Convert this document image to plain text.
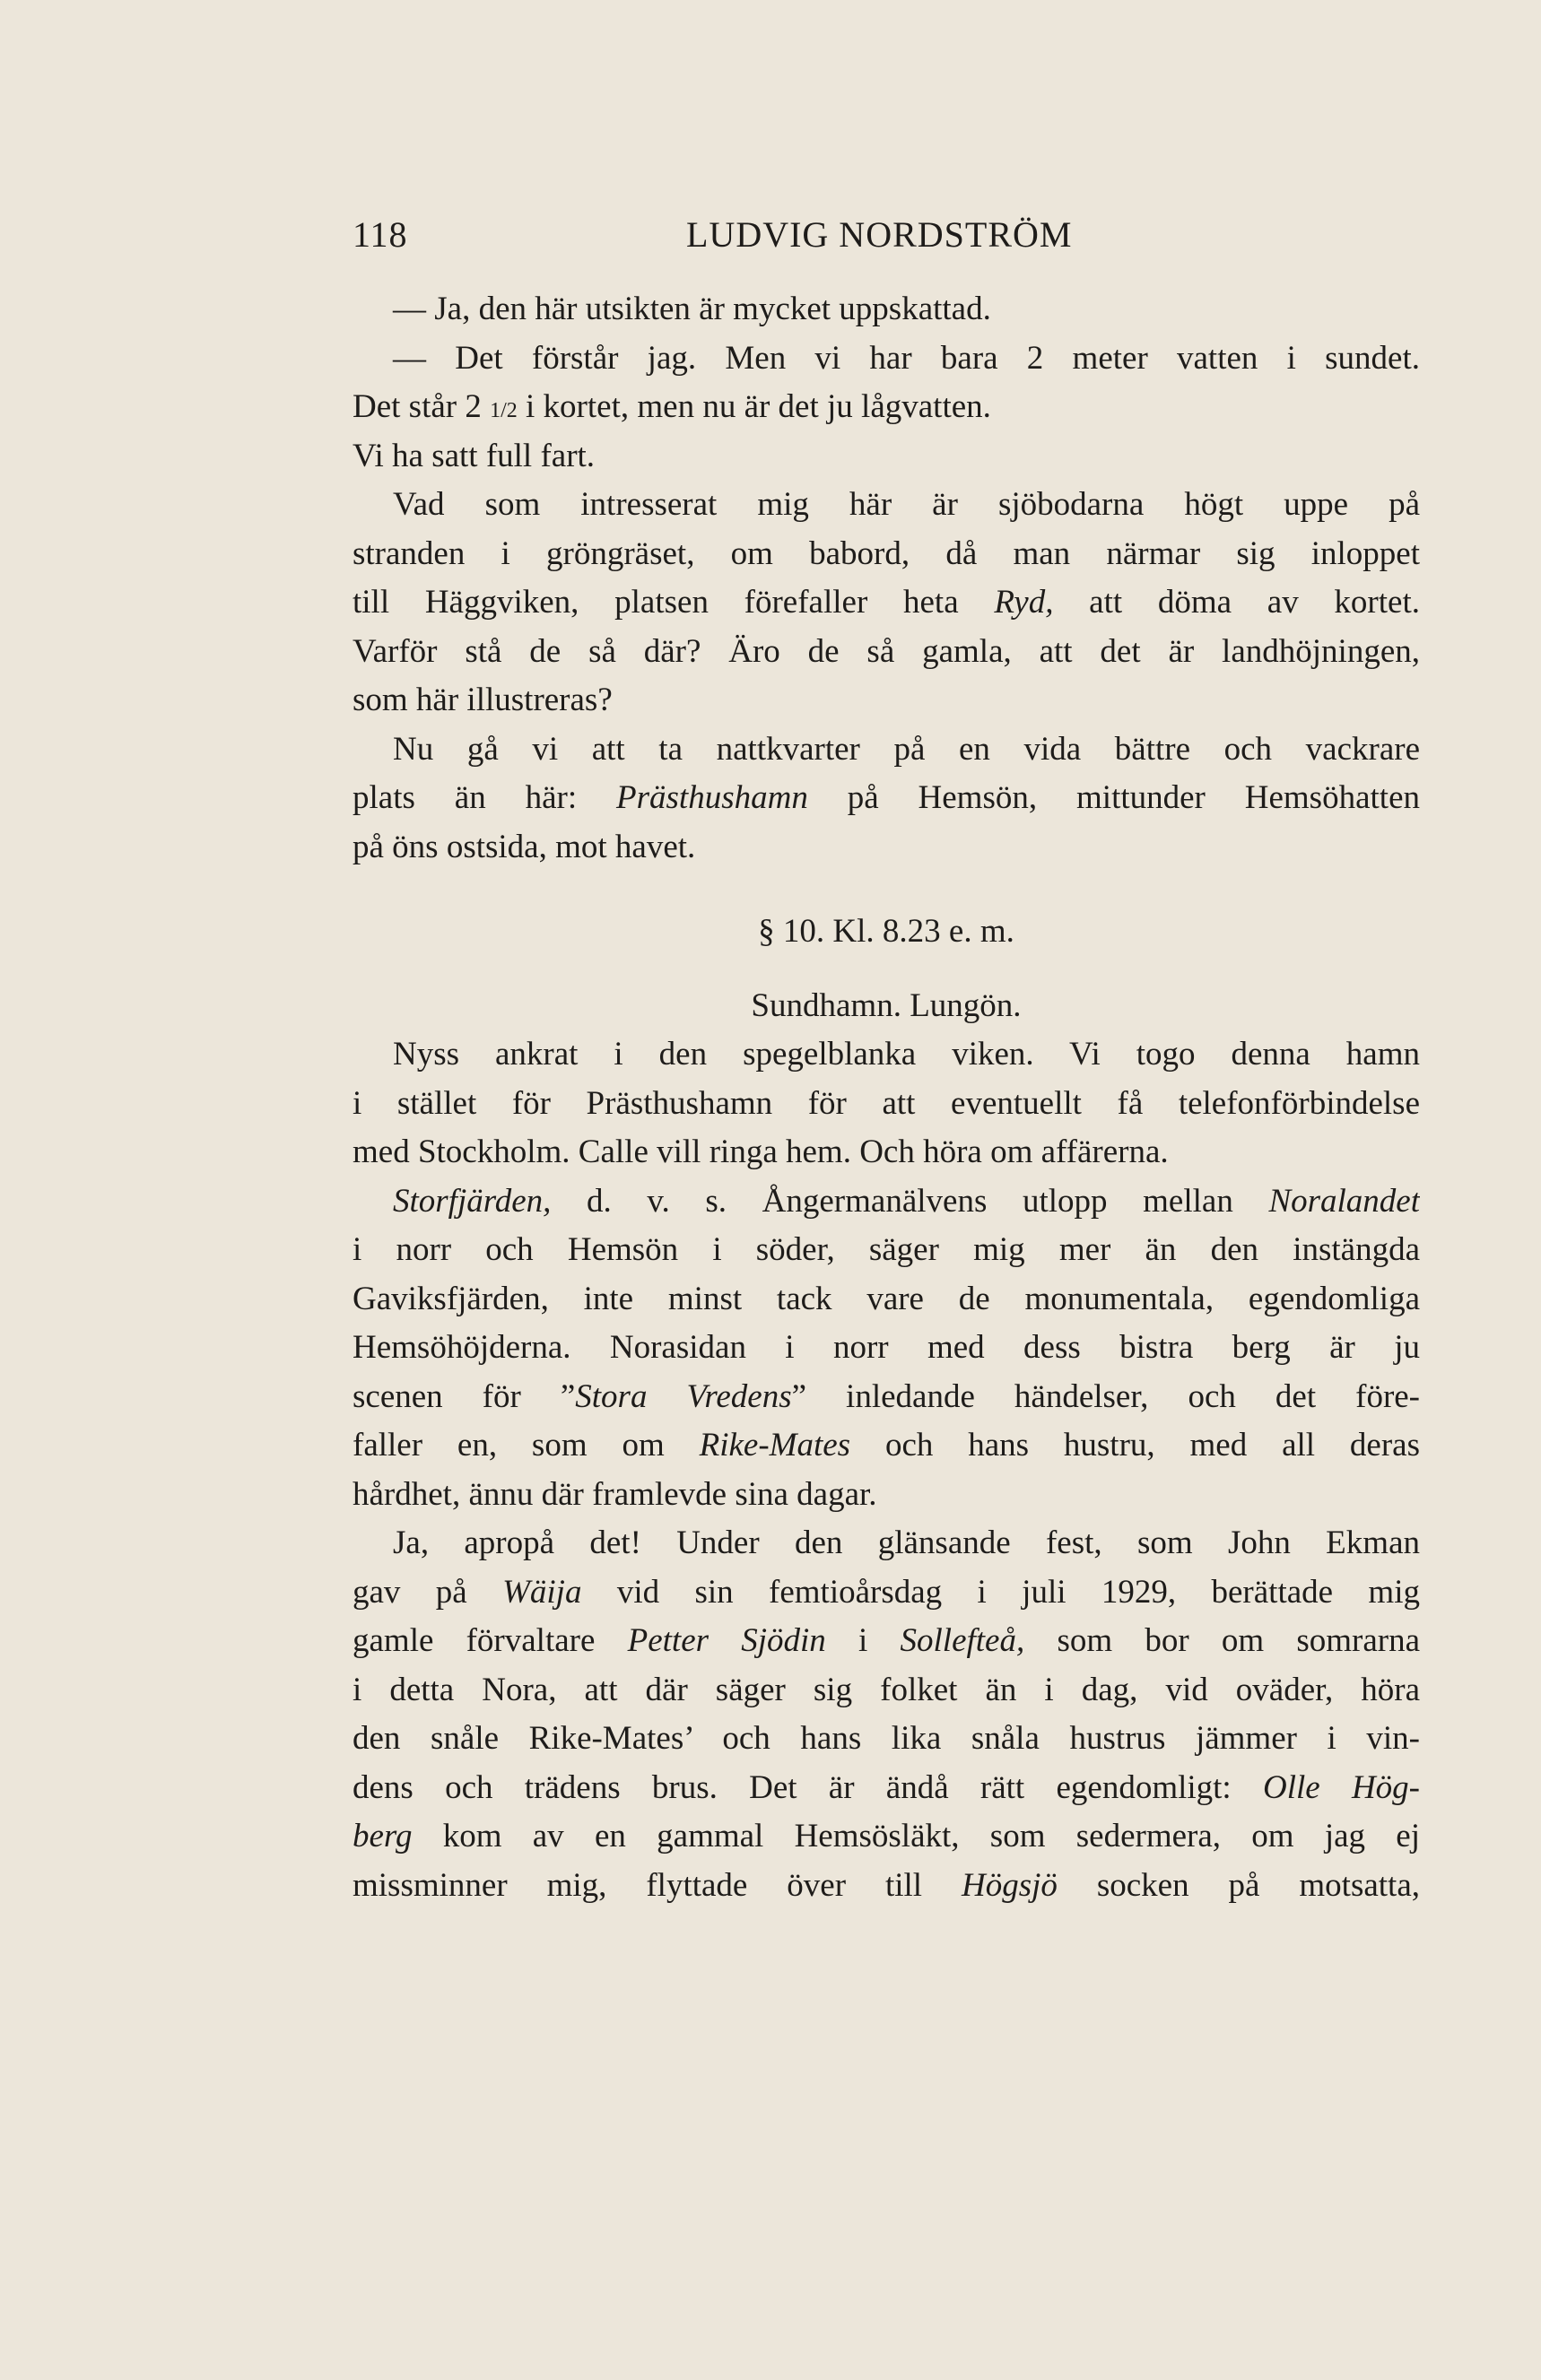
118	LUDVIG NORDSTRÖM
— Ja, den här utsikten är mycket uppskattad.
— Det förstår jag. Men vi har bara 2 meter vatten i sundet.
Det står 2 1/2 i kortet, men nu är det ju lågvatten.
Vi ha satt full fart.
Vad som intresserat mig här är sjöbodarna högt uppe på
stranden i gröngräset, om babord, då man närmar sig inloppet
till Häggviken, platsen förefaller heta Ryd, att döma av kortet.
Varför stå de så där? Äro de så gamla, att det är landhöjningen,
som här illustreras?
Nu gå vi att ta nattkvarter på en vida bättre och vackrare
plats än här: Prästhushamn på Hemsön, mittunder Hemsöhatten
på öns ostsida, mot havet.
§ 10. Kl. 8.23 e. m.
Sundhamn. Lungön.
Nyss ankrat i den spegelblanka viken. Vi togo denna hamn
i stället för Prästhushamn för att eventuellt få telefonförbindelse
med Stockholm. Calle vill ringa hem. Och höra om affärerna.
Storfjärden, d. v. s. Ångermanälvens utlopp mellan Noralandet
i norr och Hemsön i söder, säger mig mer än den instängda
Gaviksfjärden, inte minst tack vare de monumentala, egendomliga
Hemsöhöjderna. Norasidan i norr med dess bistra berg är ju
scenen för ”Stora Vredens” inledande händelser, och det före-
faller en, som om Rike-Mates och hans hustru, med all deras
hårdhet, ännu där framlevde sina dagar.
Ja, apropå det! Under den glänsande fest, som John Ekman
gav på Wäija vid sin femtioårsdag i juli 1929, berättade mig
gamle förvaltare Petter Sjödin i Sollefteå, som bor om somrarna
i detta Nora, att där säger sig folket än i dag, vid oväder, höra
den snåle Rike-Mates’ och hans lika snåla hustrus jämmer i vin-
dens och trädens brus. Det är ändå rätt egendomligt: Olle Hög-
berg kom av en gammal Hemsösläkt, som sedermera, om jag ej
missminner mig, flyttade över till Högsjö socken på motsatta,
